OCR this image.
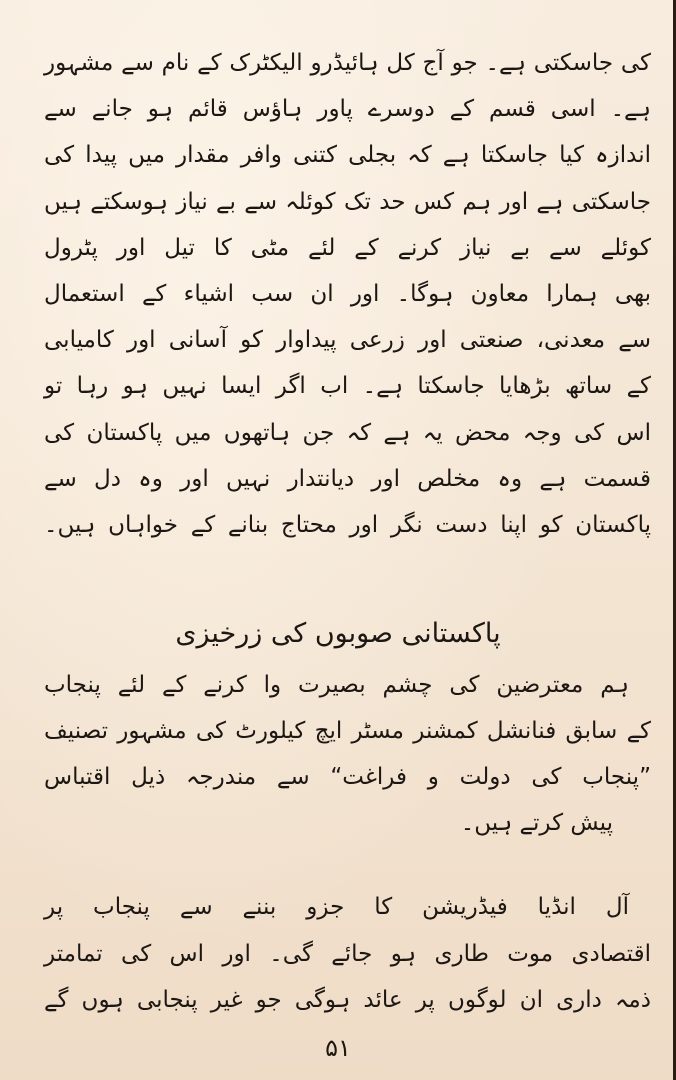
کی جاسکتی ہے۔ جو آج کل ہائیڈرو الیکٹرک کے نام سے مشہور
ہے۔ اسی قسم کے دوسرے پاور ہاؤس قائم ہو جانے سے
اندازہ کیا جاسکتا ہے کہ بجلی کتنی وافر مقدار میں پیدا کی
جاسکتی ہے اور ہم کس حد تک کوئلہ سے بے نیاز ہوسکتے ہیں
کوئلے سے بے نیاز کرنے کے لئے مٹی کا تیل اور پٹرول
بھی ہمارا معاون ہوگا۔ اور ان سب اشیاء کے استعمال
سے معدنی، صنعتی اور زرعی پیداوار کو آسانی اور کامیابی
کے ساتھ بڑھایا جاسکتا ہے۔ اب اگر ایسا نہیں ہو رہا تو
اس کی وجہ محض یہ ہے کہ جن ہاتھوں میں پاکستان کی
قسمت ہے وہ مخلص اور دیانتدار نہیں اور وہ دل سے
پاکستان کو اپنا دست نگر اور محتاج بنانے کے خواہاں ہیں۔
پاکستانی صوبوں کی زرخیزی
ہم معترضین کی چشم بصیرت وا کرنے کے لئے پنجاب
کے سابق فنانشل کمشنر مسٹر ایچ کیلورٹ کی مشہور تصنیف
”پنجاب کی دولت و فراغت“ سے مندرجہ ذیل اقتباس
پیش کرتے ہیں۔
آل انڈیا فیڈریشن کا جزو بننے سے پنجاب پر
اقتصادی موت طاری ہو جائے گی۔ اور اس کی تمامتر
ذمہ داری ان لوگوں پر عائد ہوگی جو غیر پنجابی ہوں گے
۵۱
